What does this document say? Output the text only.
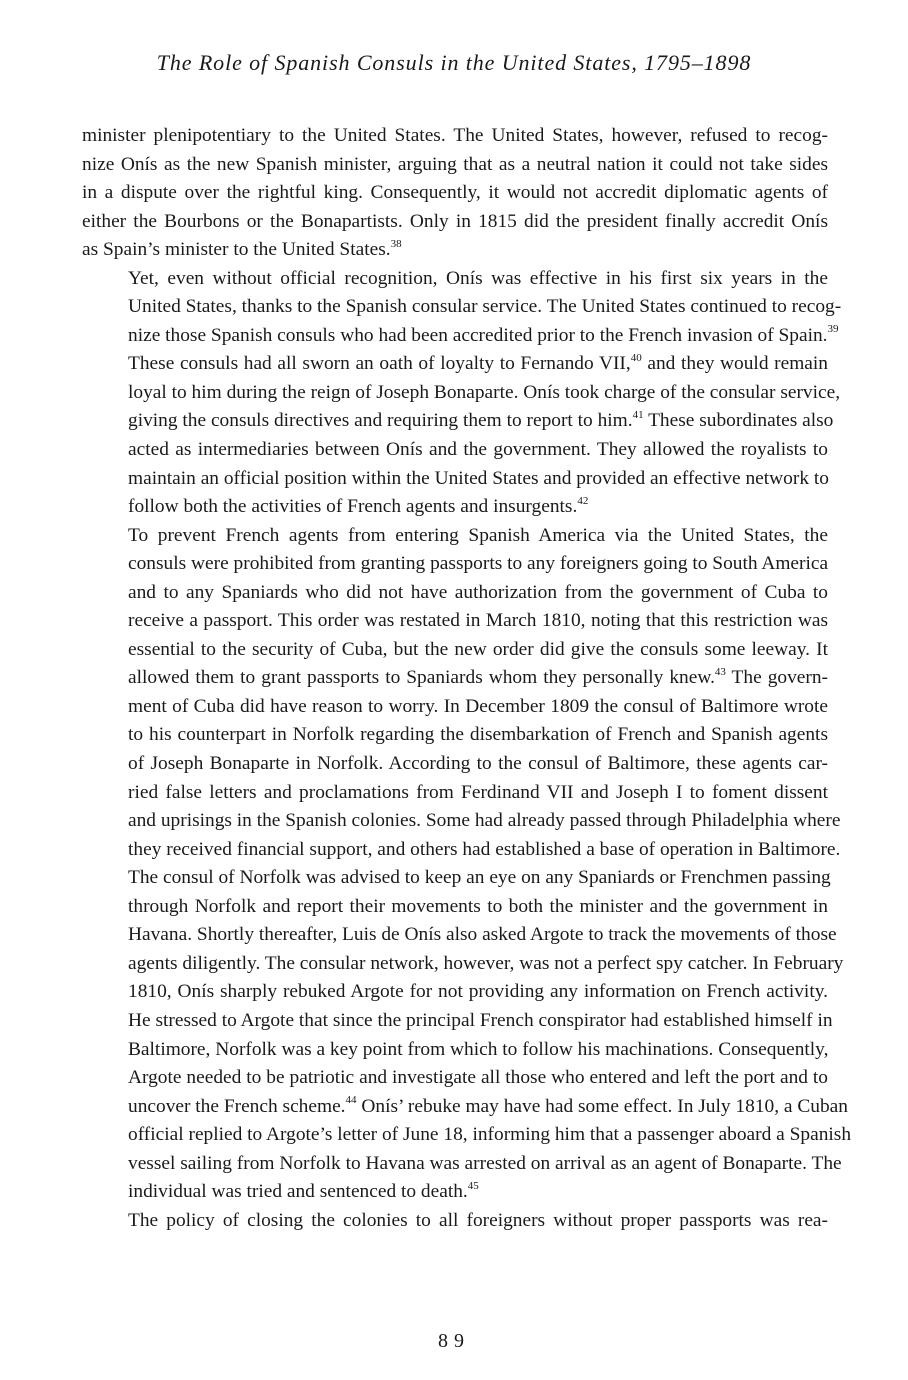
The Role of Spanish Consuls in the United States, 1795–1898
minister plenipotentiary to the United States. The United States, however, refused to recog-
nize Onís as the new Spanish minister, arguing that as a neutral nation it could not take sides
in a dispute over the rightful king. Consequently, it would not accredit diplomatic agents of
either the Bourbons or the Bonapartists. Only in 1815 did the president finally accredit Onís
as Spain’s minister to the United States.$^{38}$
Yet, even without official recognition, Onís was effective in his first six years in the
United States, thanks to the Spanish consular service. The United States continued to recog-
nize those Spanish consuls who had been accredited prior to the French invasion of Spain.$^{39}$
These consuls had all sworn an oath of loyalty to Fernando VII,$^{40}$ and they would remain
loyal to him during the reign of Joseph Bonaparte. Onís took charge of the consular service,
giving the consuls directives and requiring them to report to him.$^{41}$ These subordinates also
acted as intermediaries between Onís and the government. They allowed the royalists to
maintain an official position within the United States and provided an effective network to
follow both the activities of French agents and insurgents.$^{42}$
To prevent French agents from entering Spanish America via the United States, the
consuls were prohibited from granting passports to any foreigners going to South America
and to any Spaniards who did not have authorization from the government of Cuba to
receive a passport. This order was restated in March 1810, noting that this restriction was
essential to the security of Cuba, but the new order did give the consuls some leeway. It
allowed them to grant passports to Spaniards whom they personally knew.$^{43}$ The govern-
ment of Cuba did have reason to worry. In December 1809 the consul of Baltimore wrote
to his counterpart in Norfolk regarding the disembarkation of French and Spanish agents
of Joseph Bonaparte in Norfolk. According to the consul of Baltimore, these agents car-
ried false letters and proclamations from Ferdinand VII and Joseph I to foment dissent
and uprisings in the Spanish colonies. Some had already passed through Philadelphia where
they received financial support, and others had established a base of operation in Baltimore.
The consul of Norfolk was advised to keep an eye on any Spaniards or Frenchmen passing
through Norfolk and report their movements to both the minister and the government in
Havana. Shortly thereafter, Luis de Onís also asked Argote to track the movements of those
agents diligently. The consular network, however, was not a perfect spy catcher. In February
1810, Onís sharply rebuked Argote for not providing any information on French activity.
He stressed to Argote that since the principal French conspirator had established himself in
Baltimore, Norfolk was a key point from which to follow his machinations. Consequently,
Argote needed to be patriotic and investigate all those who entered and left the port and to
uncover the French scheme.$^{44}$ Onís’ rebuke may have had some effect. In July 1810, a Cuban
official replied to Argote’s letter of June 18, informing him that a passenger aboard a Spanish
vessel sailing from Norfolk to Havana was arrested on arrival as an agent of Bonaparte. The
individual was tried and sentenced to death.$^{45}$
The policy of closing the colonies to all foreigners without proper passports was rea-
89
